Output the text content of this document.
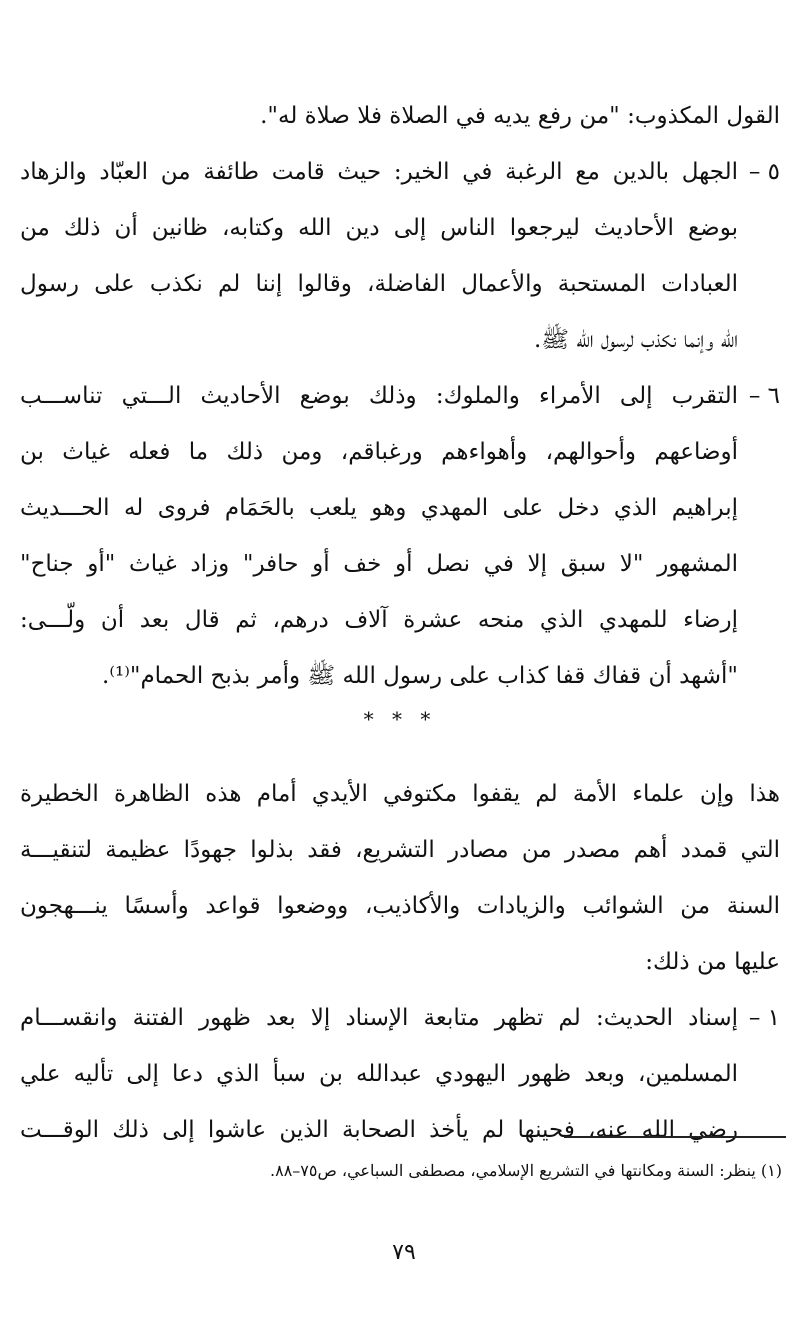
القول المكذوب: "من رفع يديه في الصلاة فلا صلاة له".
٥ –
الجهل بالدين مع الرغبة في الخير: حيث قامت طائفة من العبّاد والزهاد
بوضع الأحاديث ليرجعوا الناس إلى دين الله وكتابه، ظانين أن ذلك من
العبادات المستحبة والأعمال الفاضلة، وقالوا إننا لم نكذب على رسول
الله وإنما نكذب لرسول الله ﷺ.
٦ –
التقرب إلى الأمراء والملوك: وذلك بوضع الأحاديث الـــتي تناســـب
أوضاعهم وأحوالهم، وأهواءهم ورغباقم، ومن ذلك ما فعله غياث بن
إبراهيم الذي دخل على المهدي وهو يلعب بالحَمَام فروى له الحـــديث
المشهور "لا سبق إلا في نصل أو خف أو حافر" وزاد غياث "أو جناح"
إرضاء للمهدي الذي منحه عشرة آلاف درهم، ثم قال بعد أن ولّـــى:
"أشهد أن قفاك قفا كذاب على رسول الله ﷺ وأمر بذبح الحمام"⁽¹⁾.
* * *
هذا وإن علماء الأمة لم يقفوا مكتوفي الأيدي أمام هذه الظاهرة الخطيرة
التي قمدد أهم مصدر من مصادر التشريع، فقد بذلوا جهودًا عظيمة لتنقيـــة
السنة من الشوائب والزيادات والأكاذيب، ووضعوا قواعد وأسسًا ينـــهجون
عليها من ذلك:
١ –
إسناد الحديث: لم تظهر متابعة الإسناد إلا بعد ظهور الفتنة وانقســـام
المسلمين، وبعد ظهور اليهودي عبدالله بن سبأ الذي دعا إلى تأليه علي
رضي الله عنه، فحينها لم يأخذ الصحابة الذين عاشوا إلى ذلك الوقـــت
(١) ينظر: السنة ومكانتها في التشريع الإسلامي، مصطفى السباعي، ص٧٥–٨٨.
٧٩
